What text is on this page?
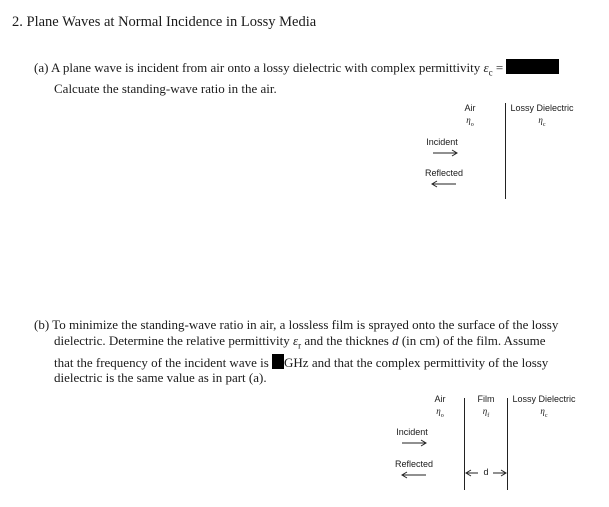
2. Plane Waves at Normal Incidence in Lossy Media
(a) A plane wave is incident from air onto a lossy dielectric with complex permittivity $\varepsilon_c$ =
Calcuate the standing-wave ratio in the air.
Air
$\eta_o$
Lossy Dielectric
$\eta_c$
Incident
Reflected
(b) To minimize the standing-wave ratio in air, a lossless film is sprayed onto the surface of the lossy
dielectric. Determine the relative permittivity $\varepsilon_r$ and the thicknes d (in cm) of the film. Assume
that the frequency of the incident wave is GHz and that the complex permittivity of the lossy
dielectric is the same value as in part (a).
Air
$\eta_o$
Film
$\eta_f$
Lossy Dielectric
$\eta_c$
Incident
Reflected
d
